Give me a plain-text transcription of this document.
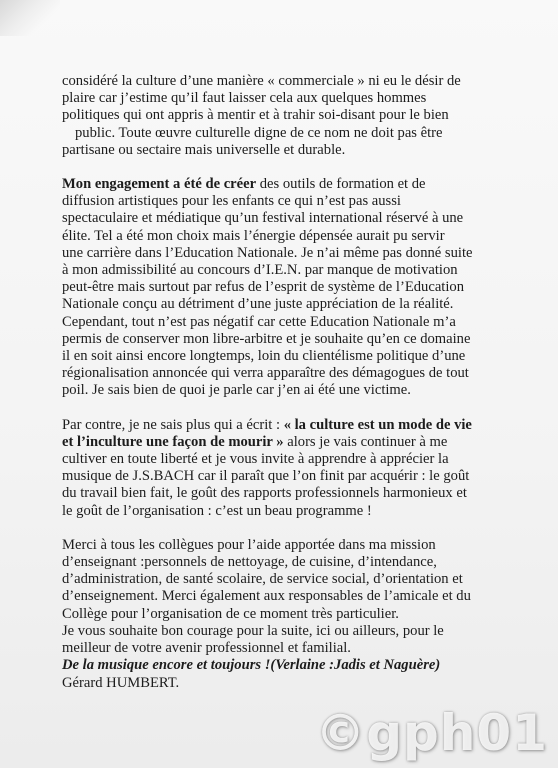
considéré la culture d’une manière « commerciale » ni eu le désir de
plaire car j’estime qu’il faut laisser cela aux quelques hommes
politiques qui ont appris à mentir et à trahir soi-disant pour le bien
public. Toute œuvre culturelle digne de ce nom ne doit pas être
partisane ou sectaire mais universelle et durable.

Mon engagement a été de créer des outils de formation et de
diffusion artistiques pour les enfants ce qui n’est pas aussi
spectaculaire et médiatique qu’un festival international réservé à une
élite. Tel a été mon choix mais l’énergie dépensée aurait pu servir
une carrière dans l’Education Nationale. Je n’ai même pas donné suite
à mon admissibilité au concours d’I.E.N. par manque de motivation
peut-être mais surtout par refus de l’esprit de système de l’Education
Nationale conçu au détriment d’une juste appréciation de la réalité.
Cependant, tout n’est pas négatif car cette Education Nationale m’a
permis de conserver mon libre-arbitre et je souhaite qu’en ce domaine
il en soit ainsi encore longtemps, loin du clientélisme politique d’une
régionalisation annoncée qui verra apparaître des démagogues de tout
poil. Je sais bien de quoi je parle car j’en ai été une victime.

Par contre, je ne sais plus qui a écrit : « la culture est un mode de vie
et l’inculture une façon de mourir » alors je vais continuer à me
cultiver en toute liberté et je vous invite à apprendre à apprécier la
musique de J.S.BACH car il paraît que l’on finit par acquérir : le goût
du travail bien fait, le goût des rapports professionnels harmonieux et
le goût de l’organisation : c’est un beau programme !

Merci à tous les collègues pour l’aide apportée dans ma mission
d’enseignant :personnels de nettoyage, de cuisine, d’intendance,
d’administration, de santé scolaire, de service social, d’orientation et
d’enseignement. Merci également aux responsables de l’amicale et du
Collège pour l’organisation de ce moment très particulier.
Je vous souhaite bon courage pour la suite, ici ou ailleurs, pour le
meilleur de votre avenir professionnel et familial.
De la musique encore et toujours !(Verlaine :Jadis et Naguère)
Gérard HUMBERT.

©gph01
